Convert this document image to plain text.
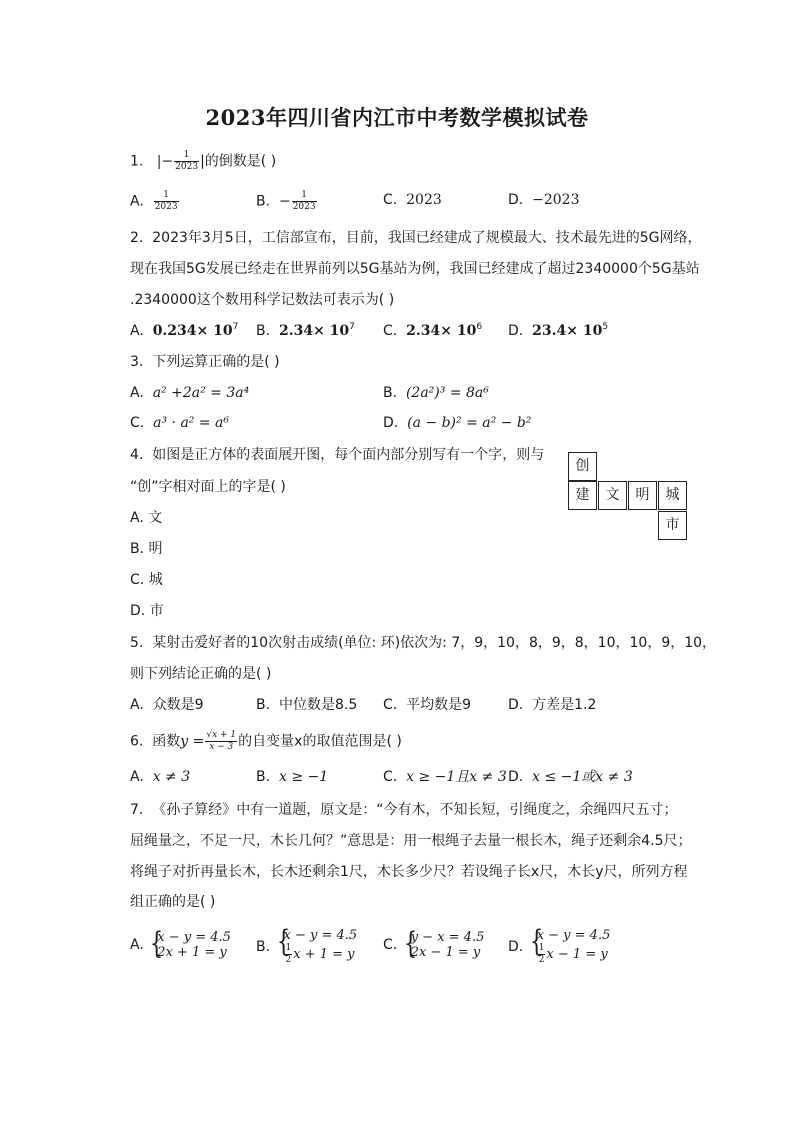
2023年四川省内江市中考数学模拟试卷
1. |− $\frac{1}{2023}$ |的倒数是( )
A. $\frac{1}{2023}$	B. − $\frac{1}{2023}$	C. 2023	D. −2023
2. 2023年3月5日，工信部宣布，目前，我国已经建成了规模最大、技术最先进的5G网络，
现在我国5G发展已经走在世界前列以5G基站为例，我国已经建成了超过2340000个5G基站
.2340000这个数用科学记数法可表示为( )
A. $0.234\times 10^7$ B. $2.34\times 10^7$ C. $2.34\times 10^6$ D. $23.4\times 10^5$
3. 下列运算正确的是( )
A. a² +2a² = 3a⁴	B. (2a²)³ = 8a⁶
C. a³ · a² = a⁶	D. (a − b)² = a² − b²
4. 如图是正方体的表面展开图，每个面内部分别写有一个字，则与
“创”字相对面上的字是( )
A. 文
B. 明
C. 城
D. 市
创
建	文	明	城
市
5. 某射击爱好者的10次射击成绩(单位: 环)依次为: 7，9，10，8，9，8，10，10，9，10，
则下列结论正确的是( )
A. 众数是9	B. 中位数是8.5 C. 平均数是9	D. 方差是1.2
6. 函数$y = \frac{√x + 1}{x - 3}$ 的自变量x的取值范围是( )
A. x ≠ 3	B. x ≥ −1	C. x ≥ −1且x ≠ 3 D. x ≤ −1或x ≠ 3
7. 《孙子算经》中有一道题，原文是：“今有木，不知长短，引绳度之，余绳四尺五寸；
屈绳量之，不足一尺，木长几何？”意思是：用一根绳子去量一根长木，绳子还剩余4.5尺；
将绳子对折再量长木，长木还剩余1尺，木长多少尺？若设绳子长x尺，木长y尺，所列方程
组正确的是( )
A. { x − y = 4.5
2x + 1 = y B.
{ x − y = 4.5
$\frac{1}{2}$ x + 1 = y
C. { y − x = 4.5
2x − 1 = y D.
{ x − y = 4.5
$\frac{1}{2}$ x − 1 = y
